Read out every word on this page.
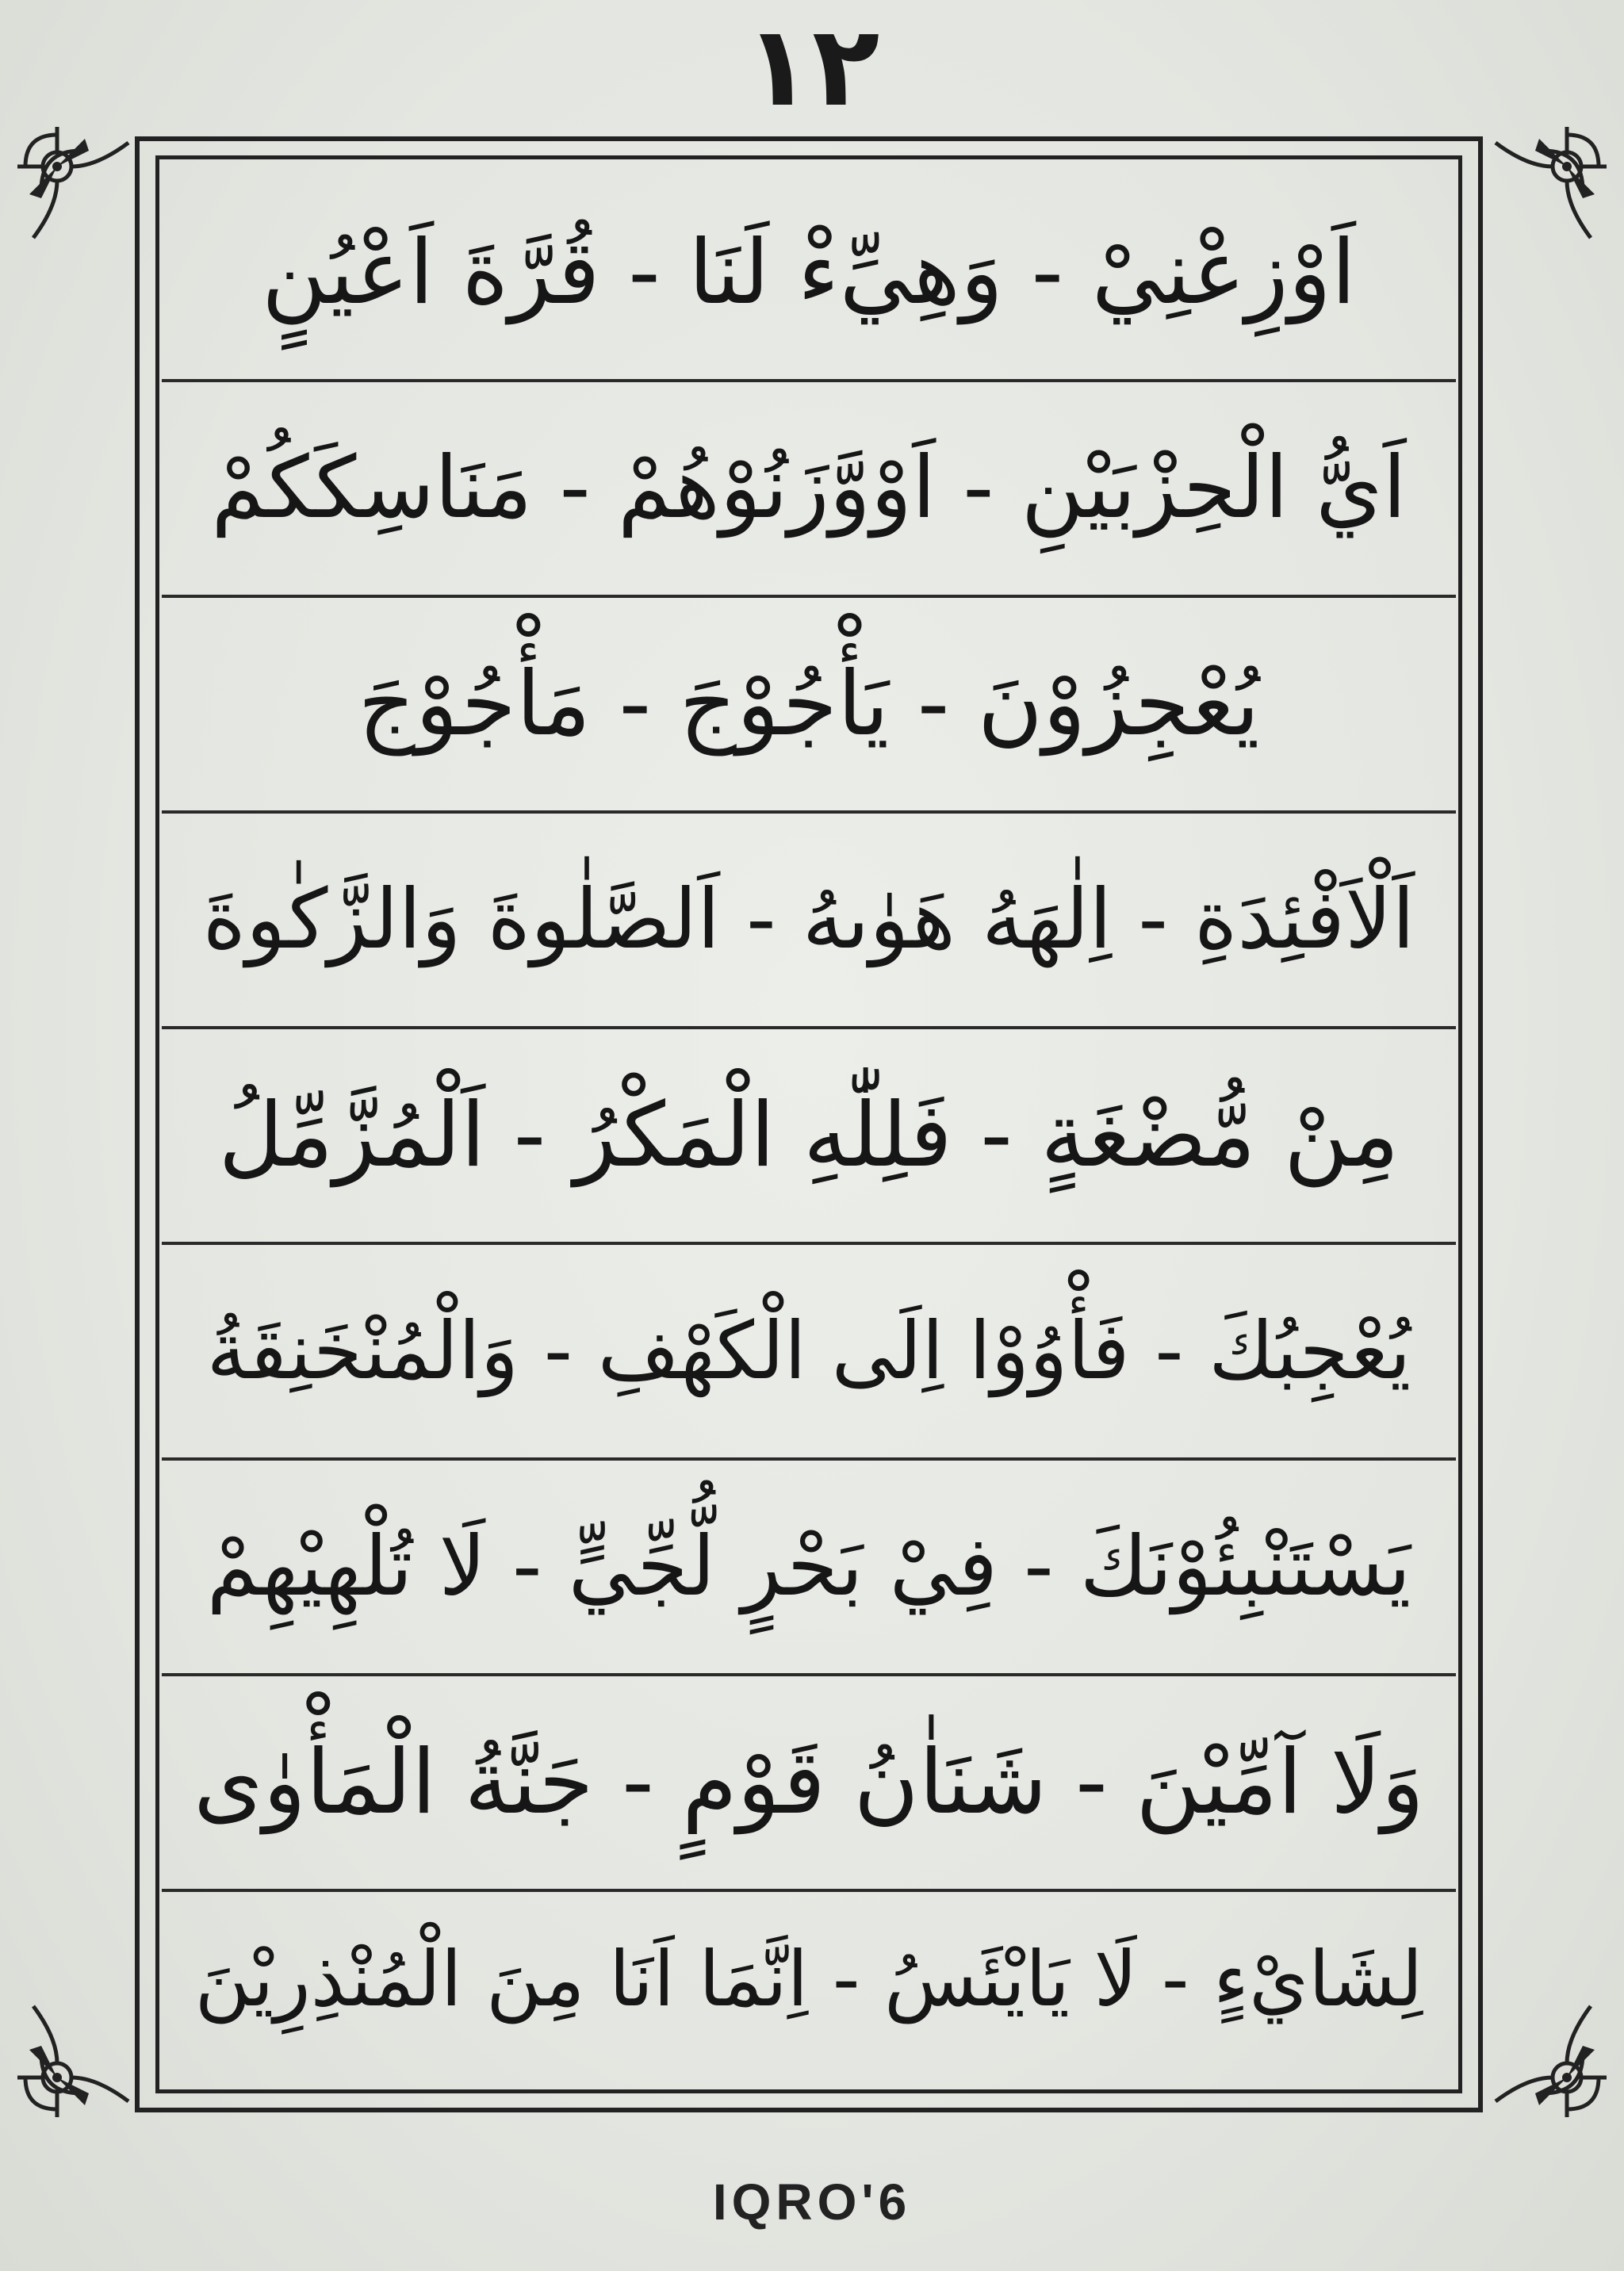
١٢
اَوْزِعْنِيْ - وَهِيِّءْ لَنَا - قُرَّةَ اَعْيُنٍ
اَيُّ الْحِزْبَيْنِ - اَوْوَّزَنُوْهُمْ - مَنَاسِكَكُمْ
يُعْجِزُوْنَ - يَأْجُوْجَ - مَأْجُوْجَ
اَلْاَفْئِدَةِ - اِلٰهَهُ هَوٰىهُ - اَلصَّلٰوةَ وَالزَّكٰوةَ
مِنْ مُّضْغَةٍ - فَلِلّٰهِ الْمَكْرُ - اَلْمُزَّمِّلُ
يُعْجِبُكَ - فَأْوُوْا اِلَى الْكَهْفِ - وَالْمُنْخَنِقَةُ
يَسْتَنْبِئُوْنَكَ - فِيْ بَحْرٍ لُّجِّيٍّ - لَا تُلْهِيْهِمْ
وَلَا آمِّيْنَ - شَنَاٰنُ قَوْمٍ - جَنَّةُ الْمَأْوٰى
لِشَايْءٍ - لَا يَايْئَسُ - اِنَّمَا اَنَا مِنَ الْمُنْذِرِيْنَ
IQRO'6
